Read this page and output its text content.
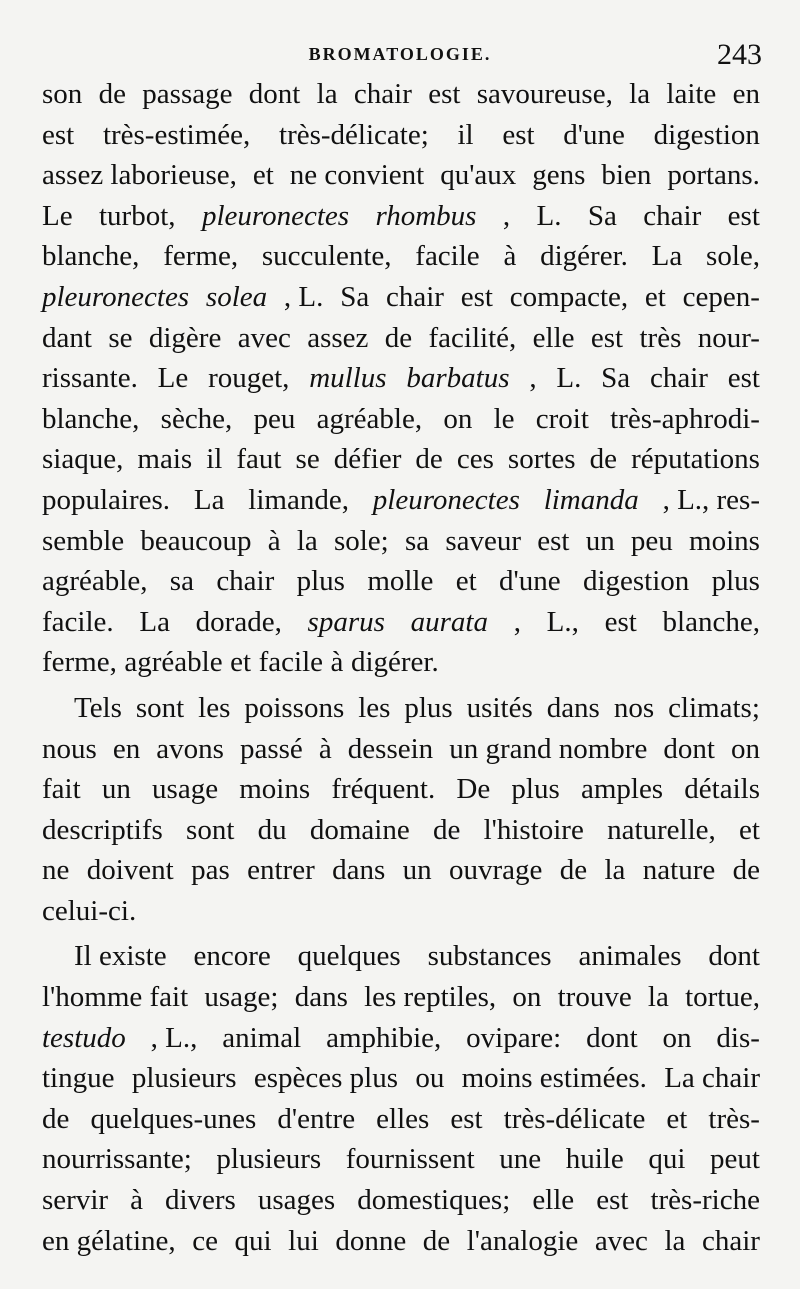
BROMATOLOGIE.	243
son de passage dont la chair est savoureuse, la laite en
est très-estimée, très-délicate; il est d'une digestion
assez laborieuse, et ne convient qu'aux gens bien portans.
Le turbot, pleuronectes rhombus , L. Sa chair est
blanche, ferme, succulente, facile à digérer. La sole,
pleuronectes solea , L. Sa chair est compacte, et cepen-
dant se digère avec assez de facilité, elle est très nour-
rissante. Le rouget, mullus barbatus , L. Sa chair est
blanche, sèche, peu agréable, on le croit très-aphrodi-
siaque, mais il faut se défier de ces sortes de réputations
populaires. La limande, pleuronectes limanda , L., res-
semble beaucoup à la sole; sa saveur est un peu moins
agréable, sa chair plus molle et d'une digestion plus
facile. La dorade, sparus aurata , L., est blanche,
ferme, agréable et facile à digérer.
Tels sont les poissons les plus usités dans nos climats;
nous en avons passé à dessein un grand nombre dont on
fait un usage moins fréquent. De plus amples détails
descriptifs sont du domaine de l'histoire naturelle, et
ne doivent pas entrer dans un ouvrage de la nature de
celui-ci.
Il existe encore quelques substances animales dont
l'homme fait usage; dans les reptiles, on trouve la tortue,
testudo , L., animal amphibie, ovipare: dont on dis-
tingue plusieurs espèces plus ou moins estimées. La chair
de quelques-unes d'entre elles est très-délicate et très-
nourrissante; plusieurs fournissent une huile qui peut
servir à divers usages domestiques; elle est très-riche
en gélatine, ce qui lui donne de l'analogie avec la chair
